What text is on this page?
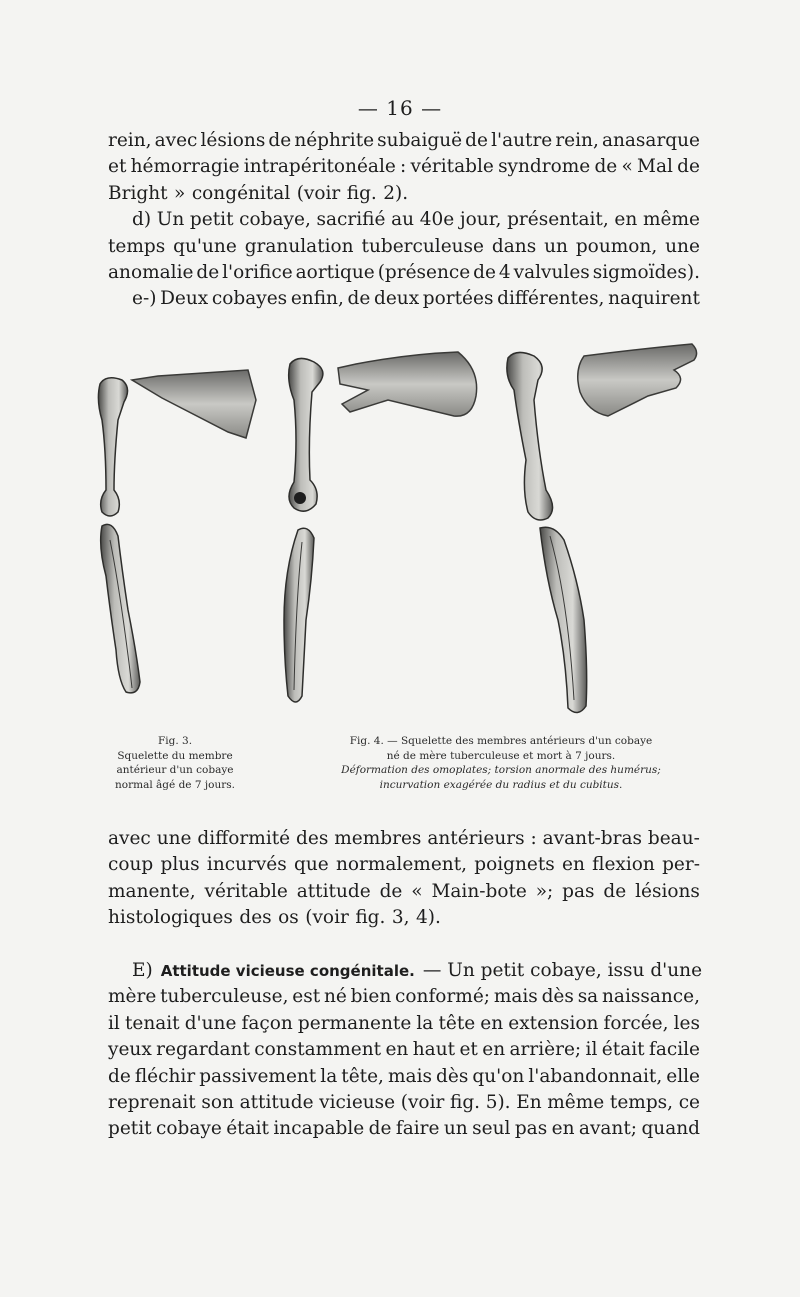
— 16 —
rein, avec lésions de néphrite subaiguë de l'autre rein, anasarque
et hémorragie intrapéritonéale : véritable syndrome de « Mal de
Bright » congénital (voir fig. 2).
d) Un petit cobaye, sacrifié au 40e jour, présentait, en même
temps qu'une granulation tuberculeuse dans un poumon, une
anomalie de l'orifice aortique (présence de 4 valvules sigmoïdes).
e-) Deux cobayes enfin, de deux portées différentes, naquirent
Fig. 3.
Squelette du membre
antérieur d'un cobaye
normal âgé de 7 jours.
Fig. 4. — Squelette des membres antérieurs d'un cobaye
né de mère tuberculeuse et mort à 7 jours.
Déformation des omoplates; torsion anormale des humérus;
incurvation exagérée du radius et du cubitus.
avec une difformité des membres antérieurs : avant-bras beau-
coup plus incurvés que normalement, poignets en flexion per-
manente, véritable attitude de « Main-bote »; pas de lésions
histologiques des os (voir fig. 3, 4).
E) Attitude vicieuse congénitale. — Un petit cobaye, issu d'une
mère tuberculeuse, est né bien conformé; mais dès sa naissance,
il tenait d'une façon permanente la tête en extension forcée, les
yeux regardant constamment en haut et en arrière; il était facile
de fléchir passivement la tête, mais dès qu'on l'abandonnait, elle
reprenait son attitude vicieuse (voir fig. 5). En même temps, ce
petit cobaye était incapable de faire un seul pas en avant; quand
